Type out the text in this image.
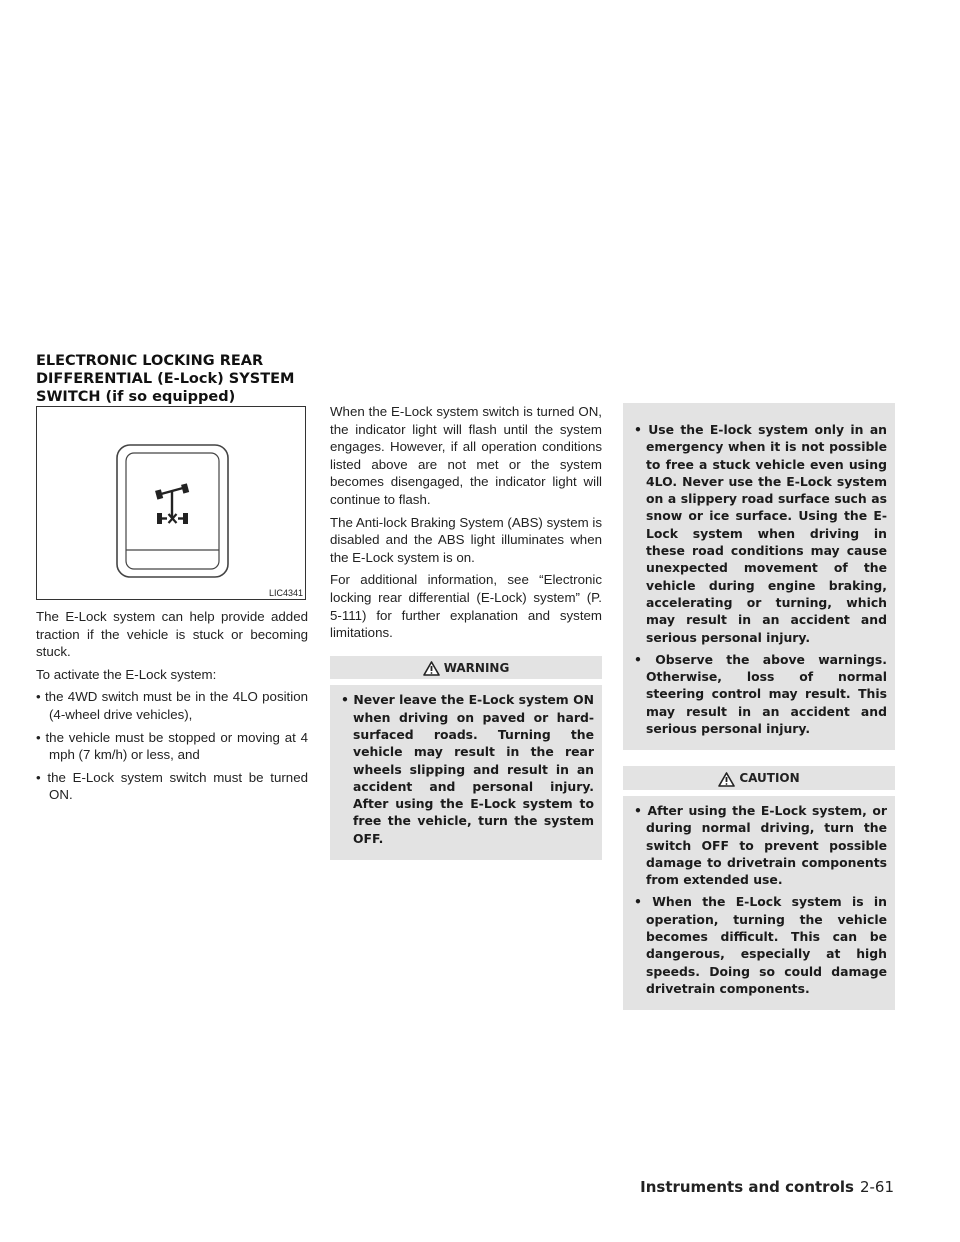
ELECTRONIC LOCKING REAR
DIFFERENTIAL (E-Lock) SYSTEM
SWITCH (if so equipped)
LIC4341

The E-Lock system can help provide added traction if the vehicle is stuck or becoming stuck.

To activate the E-Lock system:

• the 4WD switch must be in the 4LO position (4-wheel drive vehicles),

• the vehicle must be stopped or moving at 4 mph (7 km/h) or less, and

• the E-Lock system switch must be turned ON.

When the E-Lock system switch is turned ON, the indicator light will flash until the system engages. However, if all operation conditions listed above are not met or the system becomes disengaged, the indicator light will continue to flash.

The Anti-lock Braking System (ABS) system is disabled and the ABS light illuminates when the E-Lock system is on.

For additional information, see “Electronic locking rear differential (E-Lock) system” (P. 5-111) for further explanation and system limitations.

WARNING

• Never leave the E-Lock system ON when driving on paved or hard-surfaced roads. Turning the vehicle may result in the rear wheels slipping and result in an accident and personal injury. After using the E-Lock system to free the vehicle, turn the system OFF.

• Use the E-lock system only in an emergency when it is not possible to free a stuck vehicle even using 4LO. Never use the E-Lock system on a slippery road surface such as snow or ice surface. Using the E-Lock system when driving in these road conditions may cause unexpected movement of the vehicle during engine braking, accelerating or turning, which may result in an accident and serious personal injury.

• Observe the above warnings. Otherwise, loss of normal steering control may result. This may result in an accident and serious personal injury.

CAUTION

• After using the E-Lock system, or during normal driving, turn the switch OFF to prevent possible damage to drivetrain components from extended use.

• When the E-Lock system is in operation, turning the vehicle becomes difficult. This can be dangerous, especially at high speeds. Doing so could damage drivetrain components.

Instruments and controls 2-61
